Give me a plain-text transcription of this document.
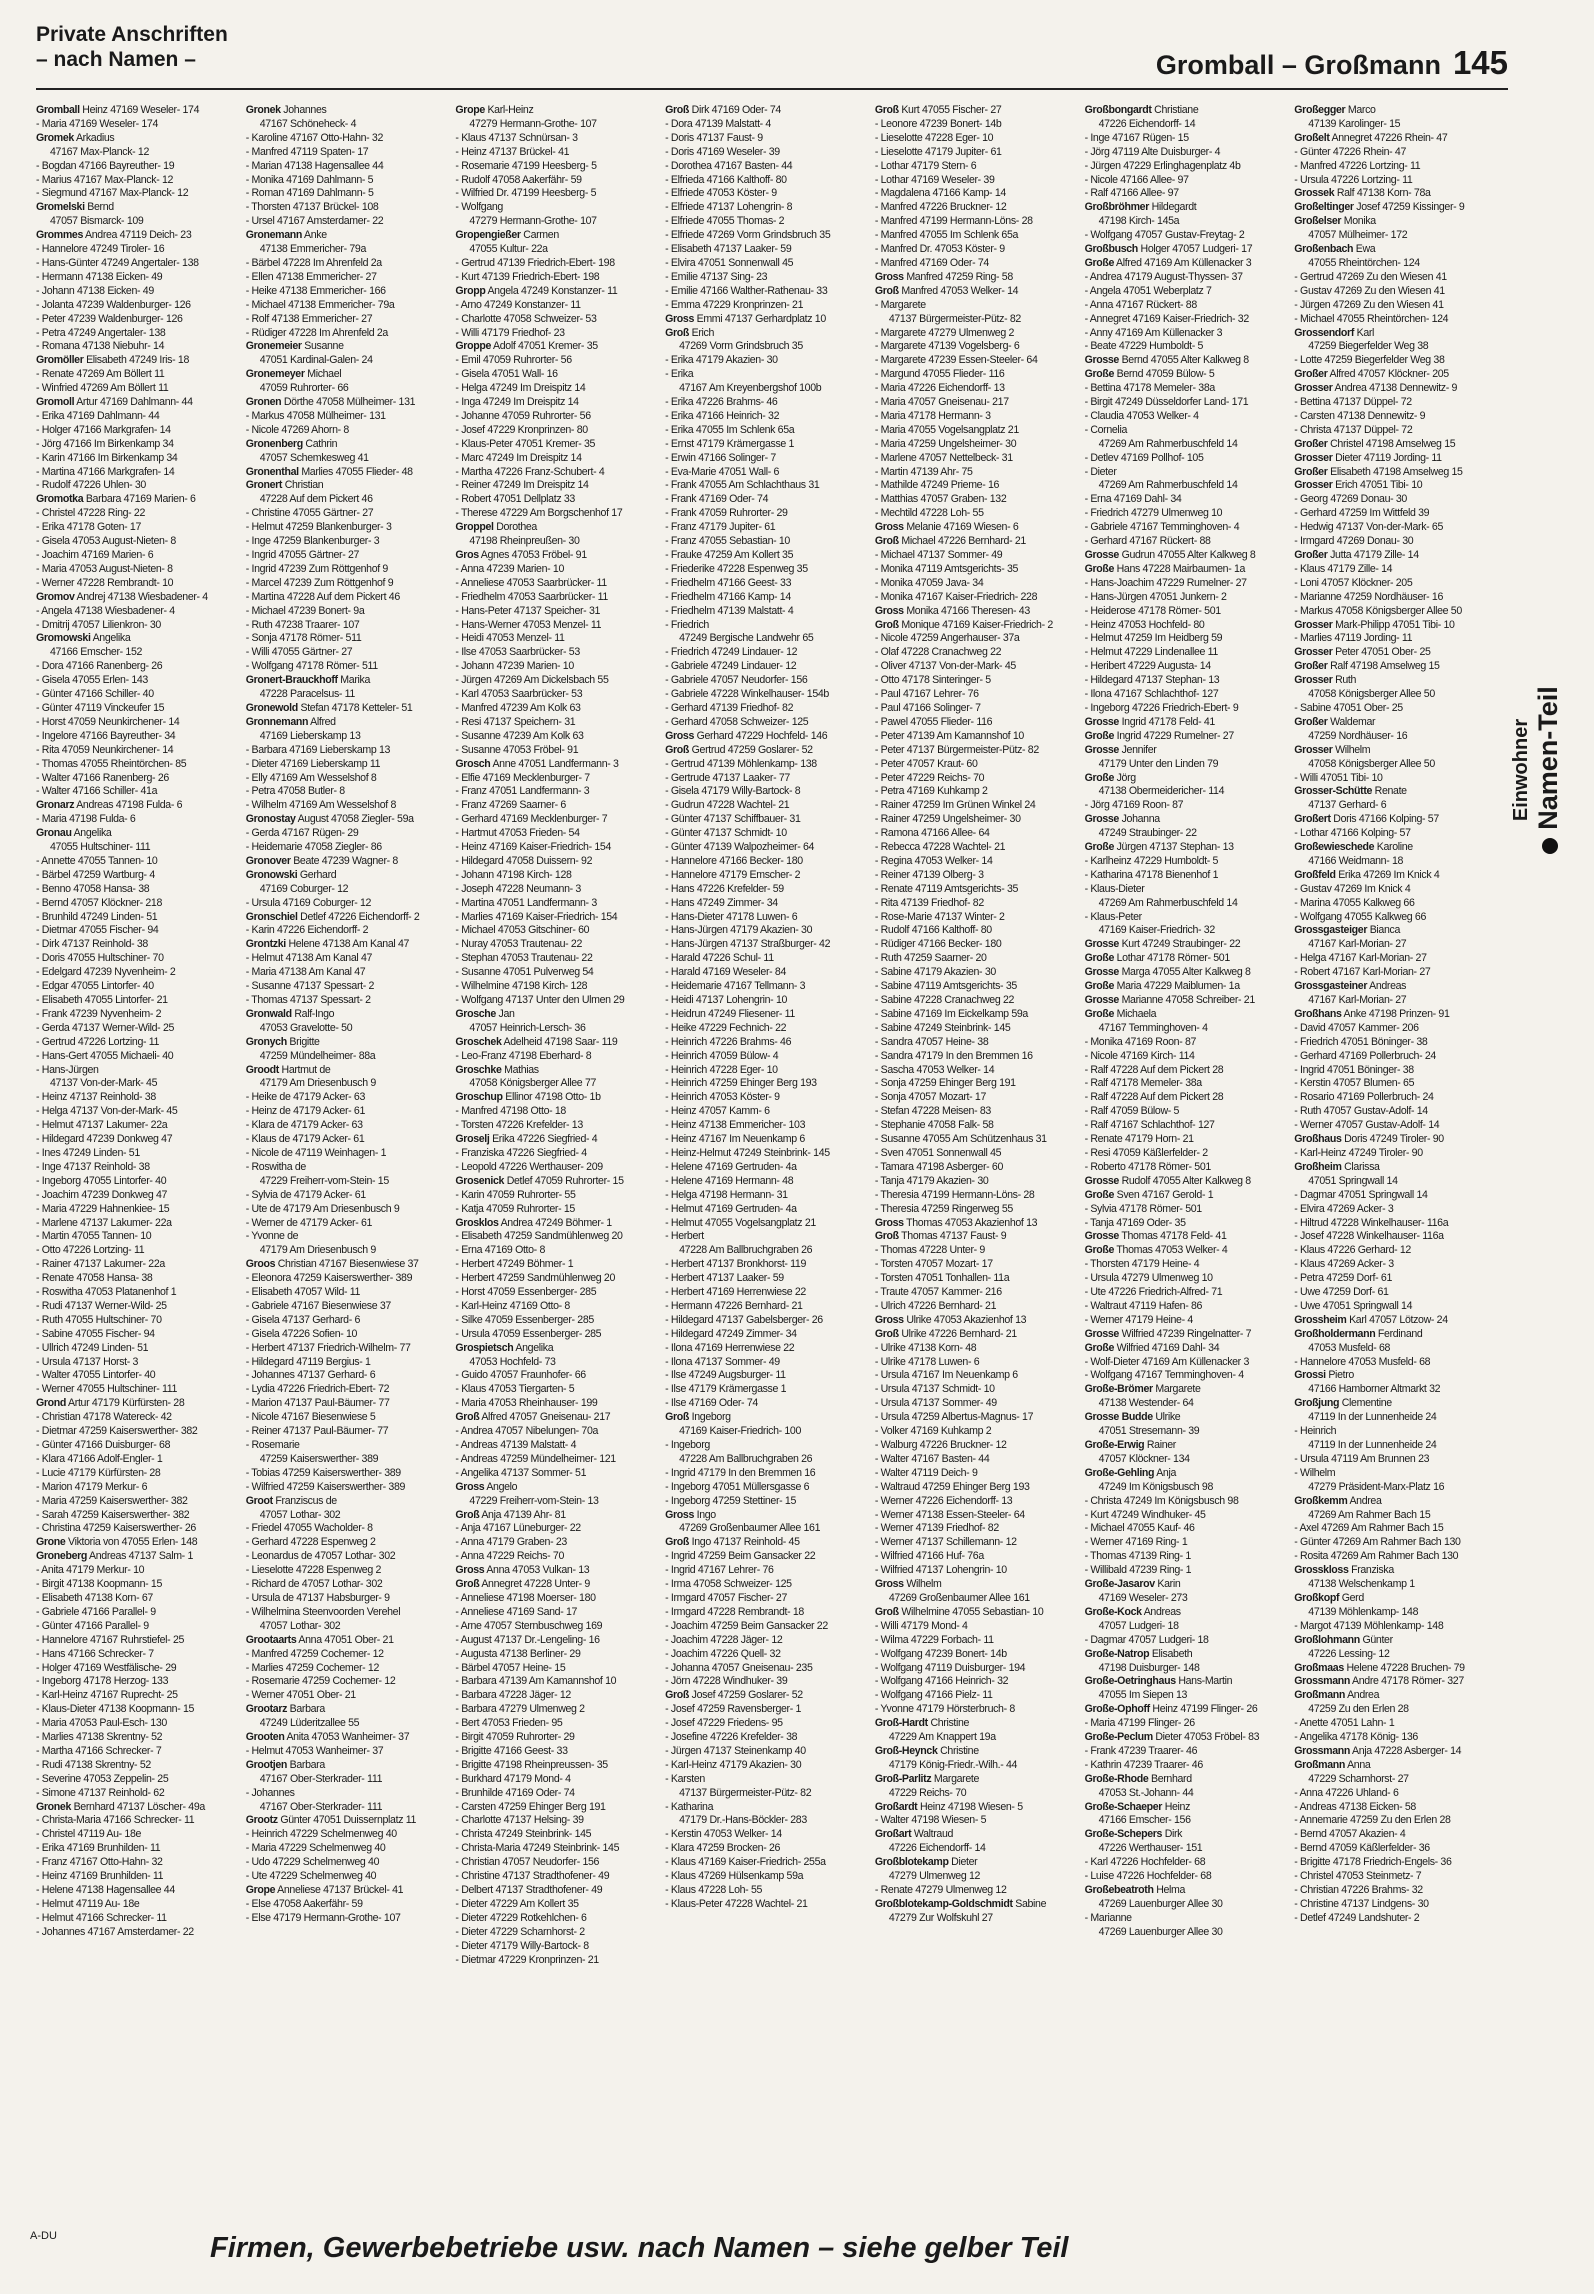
Private Anschriften
– nach Namen –	Gromball – Großmann 145
Gromball Heinz 47169 Weseler- 174
- Maria 47169 Weseler- 174
Gromek Arkadius
47167 Max-Planck- 12
- Bogdan 47166 Bayreuther- 19
- Marius 47167 Max-Planck- 12
- Siegmund 47167 Max-Planck- 12
Gromelski Bernd
47057 Bismarck- 109
Grommes Andrea 47119 Deich- 23
- Hannelore 47249 Tiroler- 16
- Hans-Günter 47249 Angertaler- 138
- Hermann 47138 Eicken- 49
- Johann 47138 Eicken- 49
- Jolanta 47239 Waldenburger- 126
- Peter 47239 Waldenburger- 126
- Petra 47249 Angertaler- 138
- Romana 47138 Niebuhr- 14
Gromöller Elisabeth 47249 Iris- 18
- Renate 47269 Am Böllert 11
- Winfried 47269 Am Böllert 11
Gromoll Artur 47169 Dahlmann- 44
- Erika 47169 Dahlmann- 44
- Holger 47166 Markgrafen- 14
- Jörg 47166 Im Birkenkamp 34
- Karin 47166 Im Birkenkamp 34
- Martina 47166 Markgrafen- 14
- Rudolf 47226 Uhlen- 30
Gromotka Barbara 47169 Marien- 6
- Christel 47228 Ring- 22
- Erika 47178 Goten- 17
- Gisela 47053 August-Nieten- 8
- Joachim 47169 Marien- 6
- Maria 47053 August-Nieten- 8
- Werner 47228 Rembrandt- 10
Gromov Andrej 47138 Wiesbadener- 4
- Angela 47138 Wiesbadener- 4
- Dmitrij 47057 Lilienkron- 30
Gromowski Angelika
47166 Emscher- 152
- Dora 47166 Ranenberg- 26
- Gisela 47055 Erlen- 143
- Günter 47166 Schiller- 40
- Günter 47119 Vinckeufer 15
- Horst 47059 Neunkirchener- 14
- Ingelore 47166 Bayreuther- 34
- Rita 47059 Neunkirchener- 14
- Thomas 47055 Rheintörchen- 85
- Walter 47166 Ranenberg- 26
- Walter 47166 Schiller- 41a
Gronarz Andreas 47198 Fulda- 6
- Maria 47198 Fulda- 6
Gronau Angelika
47055 Hultschiner- 111
- Annette 47055 Tannen- 10
- Bärbel 47259 Wartburg- 4
- Benno 47058 Hansa- 38
- Bernd 47057 Klöckner- 218
- Brunhild 47249 Linden- 51
- Dietmar 47055 Fischer- 94
- Dirk 47137 Reinhold- 38
- Doris 47055 Hultschiner- 70
- Edelgard 47239 Nyvenheim- 2
- Edgar 47055 Lintorfer- 40
- Elisabeth 47055 Lintorfer- 21
- Frank 47239 Nyvenheim- 2
- Gerda 47137 Werner-Wild- 25
- Gertrud 47226 Lortzing- 11
- Hans-Gert 47055 Michaeli- 40
- Hans-Jürgen
47137 Von-der-Mark- 45
- Heinz 47137 Reinhold- 38
- Helga 47137 Von-der-Mark- 45
- Helmut 47137 Lakumer- 22a
- Hildegard 47239 Donkweg 47
- Ines 47249 Linden- 51
- Inge 47137 Reinhold- 38
- Ingeborg 47055 Lintorfer- 40
- Joachim 47239 Donkweg 47
- Maria 47229 Hahnenkiee- 15
- Marlene 47137 Lakumer- 22a
- Martin 47055 Tannen- 10
- Otto 47226 Lortzing- 11
- Rainer 47137 Lakumer- 22a
- Renate 47058 Hansa- 38
- Roswitha 47053 Platanenhof 1
- Rudi 47137 Werner-Wild- 25
- Ruth 47055 Hultschiner- 70
- Sabine 47055 Fischer- 94
- Ullrich 47249 Linden- 51
- Ursula 47137 Horst- 3
- Walter 47055 Lintorfer- 40
- Werner 47055 Hultschiner- 111
Grond Artur 47179 Kürfürsten- 28
- Christian 47178 Watereck- 42
- Dietmar 47259 Kaiserswerther- 382
- Günter 47166 Duisburger- 68
- Klara 47166 Adolf-Engler- 1
- Lucie 47179 Kürfürsten- 28
- Marion 47179 Merkur- 6
- Maria 47259 Kaiserswerther- 382
- Sarah 47259 Kaiserswerther- 382
- Christina 47259 Kaiserswerther- 26
Grone Viktoria von 47055 Erlen- 148
Groneberg Andreas 47137 Salm- 1
- Anita 47179 Merkur- 10
- Birgit 47138 Koopmann- 15
- Elisabeth 47138 Korn- 67
- Gabriele 47166 Parallel- 9
- Günter 47166 Parallel- 9
- Hannelore 47167 Ruhrstiefel- 25
- Hans 47166 Schrecker- 7
- Holger 47169 Westfälische- 29
- Ingeborg 47178 Herzog- 133
- Karl-Heinz 47167 Ruprecht- 25
- Klaus-Dieter 47138 Koopmann- 15
- Maria 47053 Paul-Esch- 130
- Marlies 47138 Skrentny- 52
- Martha 47166 Schrecker- 7
- Rudi 47138 Skrentny- 52
- Severine 47053 Zeppelin- 25
- Simone 47137 Reinhold- 62
Gronek Bernhard 47137 Löscher- 49a
- Christa-Maria 47166 Schrecker- 11
- Christel 47119 Au- 18e
- Erika 47169 Brunhilden- 11
- Franz 47167 Otto-Hahn- 32
- Heinz 47169 Brunhilden- 11
- Helene 47138 Hagensallee 44
- Helmut 47119 Au- 18e
- Helmut 47166 Schrecker- 11
- Johannes 47167 Amsterdamer- 22
Gronek Johannes
47167 Schöneheck- 4
- Karoline 47167 Otto-Hahn- 32
- Manfred 47119 Spaten- 17
- Marian 47138 Hagensallee 44
- Monika 47169 Dahlmann- 5
- Roman 47169 Dahlmann- 5
- Thorsten 47137 Brückel- 108
- Ursel 47167 Amsterdamer- 22
Gronemann Anke
47138 Emmericher- 79a
- Bärbel 47228 Im Ahrenfeld 2a
- Ellen 47138 Emmericher- 27
- Heike 47138 Emmericher- 166
- Michael 47138 Emmericher- 79a
- Rolf 47138 Emmericher- 27
- Rüdiger 47228 Im Ahrenfeld 2a
Gronemeier Susanne
47051 Kardinal-Galen- 24
Gronemeyer Michael
47059 Ruhrorter- 66
Gronen Dörthe 47058 Mülheimer- 131
- Markus 47058 Mülheimer- 131
- Nicole 47269 Ahorn- 8
Gronenberg Cathrin
47057 Schemkesweg 41
Gronenthal Marlies 47055 Flieder- 48
Gronert Christian
47228 Auf dem Pickert 46
- Christine 47055 Gärtner- 27
- Helmut 47259 Blankenburger- 3
- Inge 47259 Blankenburger- 3
- Ingrid 47055 Gärtner- 27
- Ingrid 47239 Zum Röttgenhof 9
- Marcel 47239 Zum Röttgenhof 9
- Martina 47228 Auf dem Pickert 46
- Michael 47239 Bonert- 9a
- Ruth 47238 Traarer- 107
- Sonja 47178 Römer- 511
- Willi 47055 Gärtner- 27
- Wolfgang 47178 Römer- 511
Gronert-Brauckhoff Marika
47228 Paracelsus- 11
Gronewold Stefan 47178 Ketteler- 51
Gronnemann Alfred
47169 Lieberskamp 13
- Barbara 47169 Lieberskamp 13
- Dieter 47169 Lieberskamp 11
- Elly 47169 Am Wesselshof 8
- Petra 47058 Butler- 8
- Wilhelm 47169 Am Wesselshof 8
Gronostay August 47058 Ziegler- 59a
- Gerda 47167 Rügen- 29
- Heidemarie 47058 Ziegler- 86
Gronover Beate 47239 Wagner- 8
Gronowski Gerhard
47169 Coburger- 12
- Ursula 47169 Coburger- 12
Gronschiel Detlef 47226 Eichendorff- 2
- Karin 47226 Eichendorff- 2
Grontzki Helene 47138 Am Kanal 47
- Helmut 47138 Am Kanal 47
- Maria 47138 Am Kanal 47
- Susanne 47137 Spessart- 2
- Thomas 47137 Spessart- 2
Gronwald Ralf-Ingo
47053 Gravelotte- 50
Gronych Brigitte
47259 Mündelheimer- 88a
Groodt Hartmut de
47179 Am Driesenbusch 9
- Heike de 47179 Acker- 63
- Heinz de 47179 Acker- 61
- Klara de 47179 Acker- 63
- Klaus de 47179 Acker- 61
- Nicole de 47119 Weinhagen- 1
- Roswitha de
47229 Freiherr-vom-Stein- 15
- Sylvia de 47179 Acker- 61
- Ute de 47179 Am Driesenbusch 9
- Werner de 47179 Acker- 61
- Yvonne de
47179 Am Driesenbusch 9
Groos Christian 47167 Biesenwiese 37
- Eleonora 47259 Kaiserswerther- 389
- Elisabeth 47057 Wild- 11
- Gabriele 47167 Biesenwiese 37
- Gisela 47137 Gerhard- 6
- Gisela 47226 Sofien- 10
- Herbert 47137 Friedrich-Wilhelm- 77
- Hildegard 47119 Bergius- 1
- Johannes 47137 Gerhard- 6
- Lydia 47226 Friedrich-Ebert- 72
- Marion 47137 Paul-Bäumer- 77
- Nicole 47167 Biesenwiese 5
- Reiner 47137 Paul-Bäumer- 77
- Rosemarie
47259 Kaiserswerther- 389
- Tobias 47259 Kaiserswerther- 389
- Wilfried 47259 Kaiserswerther- 389
Groot Franziscus de
47057 Lothar- 302
- Friedel 47055 Wacholder- 8
- Gerhard 47228 Espenweg 2
- Leonardus de 47057 Lothar- 302
- Lieselotte 47228 Espenweg 2
- Richard de 47057 Lothar- 302
- Ursula de 47137 Habsburger- 9
- Wilhelmina Steenvoorden Verehel
47057 Lothar- 302
Grootaarts Anna 47051 Ober- 21
- Manfred 47259 Cochemer- 12
- Marlies 47259 Cochemer- 12
- Rosemarie 47259 Cochemer- 12
- Werner 47051 Ober- 21
Grootarz Barbara
47249 Lüderitzallee 55
Grooten Anita 47053 Wanheimer- 37
- Helmut 47053 Wanheimer- 37
Grootjen Barbara
47167 Ober-Sterkrader- 111
- Johannes
47167 Ober-Sterkrader- 111
Grootz Günter 47051 Duissernplatz 11
- Heinrich 47229 Schelmenweg 40
- Maria 47229 Schelmenweg 40
- Udo 47229 Schelmenweg 40
- Ute 47229 Schelmenweg 40
Grope Anneliese 47137 Brückel- 41
- Else 47058 Aakerfähr- 59
- Else 47179 Hermann-Grothe- 107
Grope Karl-Heinz
47279 Hermann-Grothe- 107
- Klaus 47137 Schnürsan- 3
- Heinz 47137 Brückel- 41
- Rosemarie 47199 Heesberg- 5
- Rudolf 47058 Aakerfähr- 59
- Wilfried Dr. 47199 Heesberg- 5
- Wolfgang
47279 Hermann-Grothe- 107
Gropengießer Carmen
47055 Kultur- 22a
- Gertrud 47139 Friedrich-Ebert- 198
- Kurt 47139 Friedrich-Ebert- 198
Gropp Angela 47249 Konstanzer- 11
- Arno 47249 Konstanzer- 11
- Charlotte 47058 Schweizer- 53
- Willi 47179 Friedhof- 23
Groppe Adolf 47051 Kremer- 35
- Emil 47059 Ruhrorter- 56
- Gisela 47051 Wall- 16
- Helga 47249 Im Dreispitz 14
- Inga 47249 Im Dreispitz 14
- Johanne 47059 Ruhrorter- 56
- Josef 47229 Kronprinzen- 80
- Klaus-Peter 47051 Kremer- 35
- Marc 47249 Im Dreispitz 14
- Martha 47226 Franz-Schubert- 4
- Reiner 47249 Im Dreispitz 14
- Robert 47051 Dellplatz 33
- Therese 47229 Am Borgschenhof 17
Groppel Dorothea
47198 Rheinpreußen- 30
Gros Agnes 47053 Fröbel- 91
- Anna 47239 Marien- 10
- Anneliese 47053 Saarbrücker- 11
- Friedhelm 47053 Saarbrücker- 11
- Hans-Peter 47137 Speicher- 31
- Hans-Werner 47053 Menzel- 11
- Heidi 47053 Menzel- 11
- Ilse 47053 Saarbrücker- 53
- Johann 47239 Marien- 10
- Jürgen 47269 Am Dickelsbach 55
- Karl 47053 Saarbrücker- 53
- Manfred 47239 Am Kolk 63
- Resi 47137 Speichern- 31
- Susanne 47239 Am Kolk 63
- Susanne 47053 Fröbel- 91
Grosch Anne 47051 Landfermann- 3
- Elfie 47169 Mecklenburger- 7
- Franz 47051 Landfermann- 3
- Franz 47269 Saarner- 6
- Gerhard 47169 Mecklenburger- 7
- Hartmut 47053 Frieden- 54
- Heinz 47169 Kaiser-Friedrich- 154
- Hildegard 47058 Duissern- 92
- Johann 47198 Kirch- 128
- Joseph 47228 Neumann- 3
- Martina 47051 Landfermann- 3
- Marlies 47169 Kaiser-Friedrich- 154
- Michael 47053 Gitschiner- 60
- Nuray 47053 Trautenau- 22
- Stephan 47053 Trautenau- 22
- Susanne 47051 Pulverweg 54
- Wilhelmine 47198 Kirch- 128
- Wolfgang 47137 Unter den Ulmen 29
Grosche Jan
47057 Heinrich-Lersch- 36
Groschek Adelheid 47198 Saar- 119
- Leo-Franz 47198 Eberhard- 8
Groschke Mathias
47058 Königsberger Allee 77
Groschup Ellinor 47198 Otto- 1b
- Manfred 47198 Otto- 18
- Torsten 47226 Krefelder- 13
Groselj Erika 47226 Siegfried- 4
- Franziska 47226 Siegfried- 4
- Leopold 47226 Werthauser- 209
Grosenick Detlef 47059 Ruhrorter- 15
- Karin 47059 Ruhrorter- 55
- Katja 47059 Ruhrorter- 15
Grosklos Andrea 47249 Böhmer- 1
- Elisabeth 47259 Sandmühlenweg 20
- Erna 47169 Otto- 8
- Herbert 47249 Böhmer- 1
- Herbert 47259 Sandmühlenweg 20
- Horst 47059 Essenberger- 285
- Karl-Heinz 47169 Otto- 8
- Silke 47059 Essenberger- 285
- Ursula 47059 Essenberger- 285
Grospietsch Angelika
47053 Hochfeld- 73
- Guido 47057 Fraunhofer- 66
- Klaus 47053 Tiergarten- 5
- Maria 47053 Rheinhauser- 199
Groß Alfred 47057 Gneisenau- 217
- Andrea 47057 Nibelungen- 70a
- Andreas 47139 Malstatt- 4
- Andreas 47259 Mündelheimer- 121
- Angelika 47137 Sommer- 51
Gross Angelo
47229 Freiherr-vom-Stein- 13
Groß Anja 47139 Ahr- 81
- Anja 47167 Lüneburger- 22
- Anna 47179 Graben- 23
- Anna 47229 Reichs- 70
Gross Anna 47053 Vulkan- 13
Groß Annegret 47228 Unter- 9
- Anneliese 47198 Moerser- 180
- Anneliese 47169 Sand- 17
- Arne 47057 Sternbuschweg 169
- August 47137 Dr.-Lengeling- 16
- Augusta 47138 Berliner- 29
- Bärbel 47057 Heine- 15
- Barbara 47139 Am Kamannshof 10
- Barbara 47228 Jäger- 12
- Barbara 47279 Ulmenweg 2
- Bert 47053 Frieden- 95
- Birgit 47059 Ruhrorter- 29
- Brigitte 47166 Geest- 33
- Brigitte 47198 Rheinpreussen- 35
- Burkhard 47179 Mond- 4
- Brunhilde 47169 Oder- 74
- Carsten 47259 Ehinger Berg 191
- Charlotte 47137 Helsing- 39
- Christa 47249 Steinbrink- 145
- Christa-Maria 47249 Steinbrink- 145
- Christian 47057 Neudorfer- 156
- Christine 47137 Stradthofener- 49
- Delbert 47137 Stradthofener- 49
- Dieter 47229 Am Kollert 35
- Dieter 47229 Rotkehlchen- 6
- Dieter 47229 Scharnhorst- 2
- Dieter 47179 Willy-Bartock- 8
- Dietmar 47229 Kronprinzen- 21
Groß Dirk 47169 Oder- 74
- Dora 47139 Malstatt- 4
- Doris 47137 Faust- 9
- Doris 47169 Weseler- 39
- Dorothea 47167 Basten- 44
- Elfrieda 47166 Kalthoff- 80
- Elfriede 47053 Köster- 9
- Elfriede 47137 Lohengrin- 8
- Elfriede 47055 Thomas- 2
- Elfriede 47269 Vorm Grindsbruch 35
- Elisabeth 47137 Laaker- 59
- Elvira 47051 Sonnenwall 45
- Emilie 47137 Sing- 23
- Emilie 47166 Walther-Rathenau- 33
- Emma 47229 Kronprinzen- 21
Gross Emmi 47137 Gerhardplatz 10
Groß Erich
47269 Vorm Grindsbruch 35
- Erika 47179 Akazien- 30
- Erika
47167 Am Kreyenbergshof 100b
- Erika 47226 Brahms- 46
- Erika 47166 Heinrich- 32
- Erika 47055 Im Schlenk 65a
- Ernst 47179 Krämergasse 1
- Erwin 47166 Solinger- 7
- Eva-Marie 47051 Wall- 6
- Frank 47055 Am Schlachthaus 31
- Frank 47169 Oder- 74
- Frank 47059 Ruhrorter- 29
- Franz 47179 Jupiter- 61
- Franz 47055 Sebastian- 10
- Frauke 47259 Am Kollert 35
- Friederike 47228 Espenweg 35
- Friedhelm 47166 Geest- 33
- Friedhelm 47166 Kamp- 14
- Friedhelm 47139 Malstatt- 4
- Friedrich
47249 Bergische Landwehr 65
- Friedrich 47249 Lindauer- 12
- Gabriele 47249 Lindauer- 12
- Gabriele 47057 Neudorfer- 156
- Gabriele 47228 Winkelhauser- 154b
- Gerhard 47139 Friedhof- 82
- Gerhard 47058 Schweizer- 125
Gross Gerhard 47229 Hochfeld- 146
Groß Gertrud 47259 Goslarer- 52
- Gertrud 47139 Möhlenkamp- 138
- Gertrude 47137 Laaker- 77
- Gisela 47179 Willy-Bartock- 8
- Gudrun 47228 Wachtel- 21
- Günter 47137 Schiffbauer- 31
- Günter 47137 Schmidt- 10
- Günter 47139 Walpozheimer- 64
- Hannelore 47166 Becker- 180
- Hannelore 47179 Emscher- 2
- Hans 47226 Krefelder- 59
- Hans 47249 Zimmer- 34
- Hans-Dieter 47178 Luwen- 6
- Hans-Jürgen 47179 Akazien- 30
- Hans-Jürgen 47137 Straßburger- 42
- Harald 47226 Schul- 11
- Harald 47169 Weseler- 84
- Heidemarie 47167 Tellmann- 3
- Heidi 47137 Lohengrin- 10
- Heidrun 47249 Fliesener- 11
- Heike 47229 Fechnich- 22
- Heinrich 47226 Brahms- 46
- Heinrich 47059 Bülow- 4
- Heinrich 47228 Eger- 10
- Heinrich 47259 Ehinger Berg 193
- Heinrich 47053 Köster- 9
- Heinz 47057 Kamm- 6
- Heinz 47138 Emmericher- 103
- Heinz 47167 Im Neuenkamp 6
- Heinz-Helmut 47249 Steinbrink- 145
- Helene 47169 Gertruden- 4a
- Helene 47169 Hermann- 48
- Helga 47198 Hermann- 31
- Helmut 47169 Gertruden- 4a
- Helmut 47055 Vogelsangplatz 21
- Herbert
47228 Am Ballbruchgraben 26
- Herbert 47137 Bronkhorst- 119
- Herbert 47137 Laaker- 59
- Herbert 47169 Herrenwiese 22
- Hermann 47226 Bernhard- 21
- Hildegard 47137 Gabelsberger- 26
- Hildegard 47249 Zimmer- 34
- Ilona 47169 Herrenwiese 22
- Ilona 47137 Sommer- 49
- Ilse 47249 Augsburger- 11
- Ilse 47179 Krämergasse 1
- Ilse 47169 Oder- 74
Groß Ingeborg
47169 Kaiser-Friedrich- 100
- Ingeborg
47228 Am Ballbruchgraben 26
- Ingrid 47179 In den Bremmen 16
- Ingeborg 47051 Müllersgasse 6
- Ingeborg 47259 Stettiner- 15
Gross Ingo
47269 Großenbaumer Allee 161
Groß Ingo 47137 Reinhold- 45
- Ingrid 47259 Beim Gansacker 22
- Ingrid 47167 Lehrer- 76
- Irma 47058 Schweizer- 125
- Irmgard 47057 Fischer- 27
- Irmgard 47228 Rembrandt- 18
- Joachim 47259 Beim Gansacker 22
- Joachim 47228 Jäger- 12
- Joachim 47226 Quell- 32
- Johanna 47057 Gneisenau- 235
- Jörn 47228 Windhuker- 39
Groß Josef 47259 Goslarer- 52
- Josef 47259 Ravensberger- 1
- Josef 47229 Friedens- 95
- Josefine 47226 Krefelder- 38
- Jürgen 47137 Steinenkamp 40
- Karl-Heinz 47179 Akazien- 30
- Karsten
47137 Bürgermeister-Pütz- 82
- Katharina
47179 Dr.-Hans-Böckler- 283
- Kerstin 47053 Welker- 14
- Klara 47259 Brocken- 26
- Klaus 47169 Kaiser-Friedrich- 255a
- Klaus 47269 Hülsenkamp 59a
- Klaus 47228 Loh- 55
- Klaus-Peter 47228 Wachtel- 21
Groß Kurt 47055 Fischer- 27
- Leonore 47239 Bonert- 14b
- Lieselotte 47228 Eger- 10
- Lieselotte 47179 Jupiter- 61
- Lothar 47179 Stern- 6
- Lothar 47169 Weseler- 39
- Magdalena 47166 Kamp- 14
- Manfred 47226 Bruckner- 12
- Manfred 47199 Hermann-Löns- 28
- Manfred 47055 Im Schlenk 65a
- Manfred Dr. 47053 Köster- 9
- Manfred 47169 Oder- 74
Gross Manfred 47259 Ring- 58
Groß Manfred 47053 Welker- 14
- Margarete
47137 Bürgermeister-Pütz- 82
- Margarete 47279 Ulmenweg 2
- Margarete 47139 Vogelsberg- 6
- Margarete 47239 Essen-Steeler- 64
- Margund 47055 Flieder- 116
- Maria 47226 Eichendorff- 13
- Maria 47057 Gneisenau- 217
- Maria 47178 Hermann- 3
- Maria 47055 Vogelsangplatz 21
- Maria 47259 Ungelsheimer- 30
- Marlene 47057 Nettelbeck- 31
- Martin 47139 Ahr- 75
- Mathilde 47249 Prieme- 16
- Matthias 47057 Graben- 132
- Mechtild 47228 Loh- 55
Gross Melanie 47169 Wiesen- 6
Groß Michael 47226 Bernhard- 21
- Michael 47137 Sommer- 49
- Monika 47119 Amtsgerichts- 35
- Monika 47059 Java- 34
- Monika 47167 Kaiser-Friedrich- 228
Gross Monika 47166 Theresen- 43
Groß Monique 47169 Kaiser-Friedrich- 2
- Nicole 47259 Angerhauser- 37a
- Olaf 47228 Cranachweg 22
- Oliver 47137 Von-der-Mark- 45
- Otto 47178 Sinteringer- 5
- Paul 47167 Lehrer- 76
- Paul 47166 Solinger- 7
- Pawel 47055 Flieder- 116
- Peter 47139 Am Kamannshof 10
- Peter 47137 Bürgermeister-Pütz- 82
- Peter 47057 Kraut- 60
- Peter 47229 Reichs- 70
- Petra 47169 Kuhkamp 2
- Rainer 47259 Im Grünen Winkel 24
- Rainer 47259 Ungelsheimer- 30
- Ramona 47166 Allee- 64
- Rebecca 47228 Wachtel- 21
- Regina 47053 Welker- 14
- Reiner 47139 Olberg- 3
- Renate 47119 Amtsgerichts- 35
- Rita 47139 Friedhof- 82
- Rose-Marie 47137 Winter- 2
- Rudolf 47166 Kalthoff- 80
- Rüdiger 47166 Becker- 180
- Ruth 47259 Saarner- 20
- Sabine 47179 Akazien- 30
- Sabine 47119 Amtsgerichts- 35
- Sabine 47228 Cranachweg 22
- Sabine 47169 Im Eickelkamp 59a
- Sabine 47249 Steinbrink- 145
- Sandra 47057 Heine- 38
- Sandra 47179 In den Bremmen 16
- Sascha 47053 Welker- 14
- Sonja 47259 Ehinger Berg 191
- Sonja 47057 Mozart- 17
- Stefan 47228 Meisen- 83
- Stephanie 47058 Falk- 58
- Susanne 47055 Am Schützenhaus 31
- Sven 47051 Sonnenwall 45
- Tamara 47198 Asberger- 60
- Tanja 47179 Akazien- 30
- Theresia 47199 Hermann-Löns- 28
- Theresia 47259 Ringerweg 55
Gross Thomas 47053 Akazienhof 13
Groß Thomas 47137 Faust- 9
- Thomas 47228 Unter- 9
- Torsten 47057 Mozart- 17
- Torsten 47051 Tonhallen- 11a
- Traute 47057 Kammer- 216
- Ulrich 47226 Bernhard- 21
Gross Ulrike 47053 Akazienhof 13
Groß Ulrike 47226 Bernhard- 21
- Ulrike 47138 Korn- 48
- Ulrike 47178 Luwen- 6
- Ursula 47167 Im Neuenkamp 6
- Ursula 47137 Schmidt- 10
- Ursula 47137 Sommer- 49
- Ursula 47259 Albertus-Magnus- 17
- Volker 47169 Kuhkamp 2
- Walburg 47226 Bruckner- 12
- Walter 47167 Basten- 44
- Walter 47119 Deich- 9
- Waltraud 47259 Ehinger Berg 193
- Werner 47226 Eichendorff- 13
- Werner 47138 Essen-Steeler- 64
- Werner 47139 Friedhof- 82
- Werner 47137 Schillemann- 12
- Wilfried 47166 Huf- 76a
- Wilfried 47137 Lohengrin- 10
Gross Wilhelm
47269 Großenbaumer Allee 161
Groß Wilhelmine 47055 Sebastian- 10
- Willi 47179 Mond- 4
- Wilma 47229 Forbach- 11
- Wolfgang 47239 Bonert- 14b
- Wolfgang 47119 Duisburger- 194
- Wolfgang 47166 Heinrich- 32
- Wolfgang 47166 Pielz- 11
- Yvonne 47179 Hörsterbruch- 8
Groß-Hardt Christine
47229 Am Knappert 19a
Groß-Heynck Christine
47179 König-Friedr.-Wilh.- 44
Groß-Parlitz Margarete
47229 Reichs- 70
Großardt Heinz 47198 Wiesen- 5
- Walter 47198 Wiesen- 5
Großart Waltraud
47226 Eichendorff- 14
Großblotekamp Dieter
47279 Ulmenweg 12
- Renate 47279 Ulmenweg 12
Großblotekamp-Goldschmidt Sabine
47279 Zur Wolfskuhl 27
Großbongardt Christiane
47226 Eichendorff- 14
- Inge 47167 Rügen- 15
- Jörg 47119 Alte Duisburger- 4
- Jürgen 47229 Erlinghagenplatz 4b
- Nicole 47166 Allee- 97
- Ralf 47166 Allee- 97
Großbröhmer Hildegardt
47198 Kirch- 145a
- Wolfgang 47057 Gustav-Freytag- 2
Großbusch Holger 47057 Ludgeri- 17
Große Alfred 47169 Am Küllenacker 3
- Andrea 47179 August-Thyssen- 37
- Angela 47051 Weberplatz 7
- Anna 47167 Rückert- 88
- Annegret 47169 Kaiser-Friedrich- 32
- Anny 47169 Am Küllenacker 3
- Beate 47229 Humboldt- 5
Grosse Bernd 47055 Alter Kalkweg 8
Große Bernd 47059 Bülow- 5
- Bettina 47178 Memeler- 38a
- Birgit 47249 Düsseldorfer Land- 171
- Claudia 47053 Welker- 4
- Cornelia
47269 Am Rahmerbuschfeld 14
- Detlev 47169 Pollhof- 105
- Dieter
47269 Am Rahmerbuschfeld 14
- Erna 47169 Dahl- 34
- Friedrich 47279 Ulmenweg 10
- Gabriele 47167 Temminghoven- 4
- Gerhard 47167 Rückert- 88
Grosse Gudrun 47055 Alter Kalkweg 8
Große Hans 47228 Mairbaumen- 1a
- Hans-Joachim 47229 Rumelner- 27
- Hans-Jürgen 47051 Junkern- 2
- Heiderose 47178 Römer- 501
- Heinz 47053 Hochfeld- 80
- Helmut 47259 Im Heidberg 59
- Helmut 47229 Lindenallee 11
- Heribert 47229 Augusta- 14
- Hildegard 47137 Stephan- 13
- Ilona 47167 Schlachthof- 127
- Ingeborg 47226 Friedrich-Ebert- 9
Grosse Ingrid 47178 Feld- 41
Große Ingrid 47229 Rumelner- 27
Grosse Jennifer
47179 Unter den Linden 79
Große Jörg
47138 Obermeidericher- 114
- Jörg 47169 Roon- 87
Grosse Johanna
47249 Straubinger- 22
Große Jürgen 47137 Stephan- 13
- Karlheinz 47229 Humboldt- 5
- Katharina 47178 Bienenhof 1
- Klaus-Dieter
47269 Am Rahmerbuschfeld 14
- Klaus-Peter
47169 Kaiser-Friedrich- 32
Grosse Kurt 47249 Straubinger- 22
Große Lothar 47178 Römer- 501
Grosse Marga 47055 Alter Kalkweg 8
Große Maria 47229 Maiblumen- 1a
Grosse Marianne 47058 Schreiber- 21
Große Michaela
47167 Temminghoven- 4
- Monika 47169 Roon- 87
- Nicole 47169 Kirch- 114
- Ralf 47228 Auf dem Pickert 28
- Ralf 47178 Memeler- 38a
- Ralf 47228 Auf dem Pickert 28
- Ralf 47059 Bülow- 5
- Ralf 47167 Schlachthof- 127
- Renate 47179 Horn- 21
- Resi 47059 Käßlerfelder- 2
- Roberto 47178 Römer- 501
Grosse Rudolf 47055 Alter Kalkweg 8
Große Sven 47167 Gerold- 1
- Sylvia 47178 Römer- 501
- Tanja 47169 Oder- 35
Grosse Thomas 47178 Feld- 41
Große Thomas 47053 Welker- 4
- Thorsten 47179 Heine- 4
- Ursula 47279 Ulmenweg 10
- Ute 47226 Friedrich-Alfred- 71
- Waltraut 47119 Hafen- 86
- Werner 47179 Heine- 4
Grosse Wilfried 47239 Ringelnatter- 7
Große Wilfried 47169 Dahl- 34
- Wolf-Dieter 47169 Am Küllenacker 3
- Wolfgang 47167 Temminghoven- 4
Große-Brömer Margarete
47138 Westender- 64
Grosse Budde Ulrike
47051 Stresemann- 39
Große-Erwig Rainer
47057 Klöckner- 134
Große-Gehling Anja
47249 Im Königsbusch 98
- Christa 47249 Im Königsbusch 98
- Kurt 47249 Windhuker- 45
- Michael 47055 Kauf- 46
- Werner 47169 Ring- 1
- Thomas 47139 Ring- 1
- Willibald 47239 Ring- 1
Große-Jasarov Karin
47169 Weseler- 273
Große-Kock Andreas
47057 Ludgeri- 18
- Dagmar 47057 Ludgeri- 18
Große-Natrop Elisabeth
47198 Duisburger- 148
Große-Oetringhaus Hans-Martin
47055 Im Siepen 13
Große-Ophoff Heinz 47199 Flinger- 26
- Maria 47199 Flinger- 26
Große-Peclum Dieter 47053 Fröbel- 83
- Frank 47239 Traarer- 46
- Kathrin 47239 Traarer- 46
Große-Rhode Bernhard
47053 St.-Johann- 44
Große-Schaeper Heinz
47166 Emscher- 156
Große-Schepers Dirk
47226 Werthauser- 151
- Karl 47226 Hochfelder- 68
- Luise 47226 Hochfelder- 68
Großebeatroth Helma
47269 Lauenburger Allee 30
- Marianne
47269 Lauenburger Allee 30
Großegger Marco
47139 Karolinger- 15
Großelt Annegret 47226 Rhein- 47
- Günter 47226 Rhein- 47
- Manfred 47226 Lortzing- 11
- Ursula 47226 Lortzing- 11
Grossek Ralf 47138 Korn- 78a
Großeltinger Josef 47259 Kissinger- 9
Großelser Monika
47057 Mülheimer- 172
Großenbach Ewa
47055 Rheintörchen- 124
- Gertrud 47269 Zu den Wiesen 41
- Gustav 47269 Zu den Wiesen 41
- Jürgen 47269 Zu den Wiesen 41
- Michael 47055 Rheintörchen- 124
Grossendorf Karl
47259 Biegerfelder Weg 38
- Lotte 47259 Biegerfelder Weg 38
Großer Alfred 47057 Klöckner- 205
Grosser Andrea 47138 Dennewitz- 9
- Bettina 47137 Düppel- 72
- Carsten 47138 Dennewitz- 9
- Christa 47137 Düppel- 72
Großer Christel 47198 Amselweg 15
Grosser Dieter 47119 Jording- 11
Großer Elisabeth 47198 Amselweg 15
Grosser Erich 47051 Tibi- 10
- Georg 47269 Donau- 30
- Gerhard 47259 Im Wittfeld 39
- Hedwig 47137 Von-der-Mark- 65
- Irmgard 47269 Donau- 30
Großer Jutta 47179 Zille- 14
- Klaus 47179 Zille- 14
- Loni 47057 Klöckner- 205
- Marianne 47259 Nordhäuser- 16
- Markus 47058 Königsberger Allee 50
Grosser Mark-Philipp 47051 Tibi- 10
- Marlies 47119 Jording- 11
Grosser Peter 47051 Ober- 25
Großer Ralf 47198 Amselweg 15
Grosser Ruth
47058 Königsberger Allee 50
- Sabine 47051 Ober- 25
Großer Waldemar
47259 Nordhäuser- 16
Grosser Wilhelm
47058 Königsberger Allee 50
- Willi 47051 Tibi- 10
Grosser-Schütte Renate
47137 Gerhard- 6
Großert Doris 47166 Kolping- 57
- Lothar 47166 Kolping- 57
Großewieschede Karoline
47166 Weidmann- 18
Großfeld Erika 47269 Im Knick 4
- Gustav 47269 Im Knick 4
- Marina 47055 Kalkweg 66
- Wolfgang 47055 Kalkweg 66
Grossgasteiger Bianca
47167 Karl-Morian- 27
- Helga 47167 Karl-Morian- 27
- Robert 47167 Karl-Morian- 27
Grossgasteiner Andreas
47167 Karl-Morian- 27
Großhans Anke 47198 Prinzen- 91
- David 47057 Kammer- 206
- Friedrich 47051 Böninger- 38
- Gerhard 47169 Pollerbruch- 24
- Ingrid 47051 Böninger- 38
- Kerstin 47057 Blumen- 65
- Rosario 47169 Pollerbruch- 24
- Ruth 47057 Gustav-Adolf- 14
- Werner 47057 Gustav-Adolf- 14
Großhaus Doris 47249 Tiroler- 90
- Karl-Heinz 47249 Tiroler- 90
Großheim Clarissa
47051 Springwall 14
- Dagmar 47051 Springwall 14
- Elvira 47269 Acker- 3
- Hiltrud 47228 Winkelhauser- 116a
- Josef 47228 Winkelhauser- 116a
- Klaus 47226 Gerhard- 12
- Klaus 47269 Acker- 3
- Petra 47259 Dorf- 61
- Uwe 47259 Dorf- 61
- Uwe 47051 Springwall 14
Grossheim Karl 47057 Lötzow- 24
Großholdermann Ferdinand
47053 Musfeld- 68
- Hannelore 47053 Musfeld- 68
Grossi Pietro
47166 Hamborner Altmarkt 32
Großjung Clementine
47119 In der Lunnenheide 24
- Heinrich
47119 In der Lunnenheide 24
- Ursula 47119 Am Brunnen 23
- Wilhelm
47279 Präsident-Marx-Platz 16
Großkemm Andrea
47269 Am Rahmer Bach 15
- Axel 47269 Am Rahmer Bach 15
- Günter 47269 Am Rahmer Bach 130
- Rosita 47269 Am Rahmer Bach 130
Grosskloss Franziska
47138 Welschenkamp 1
Großkopf Gerd
47139 Möhlenkamp- 148
- Margot 47139 Möhlenkamp- 148
Großlohmann Günter
47226 Lessing- 12
Großmaas Helene 47228 Bruchen- 79
Grossmann Andre 47178 Römer- 327
Großmann Andrea
47259 Zu den Erlen 28
- Anette 47051 Lahn- 1
- Angelika 47178 König- 136
Grossmann Anja 47228 Asberger- 14
Großmann Anna
47229 Scharnhorst- 27
- Anna 47226 Uhland- 6
- Andreas 47138 Eicken- 58
- Annemarie 47259 Zu den Erlen 28
- Bernd 47057 Akazien- 4
- Bernd 47059 Käßlerfelder- 36
- Brigitte 47178 Friedrich-Engels- 36
- Christel 47053 Steinmetz- 7
- Christian 47226 Brahms- 32
- Christine 47137 Lindgens- 30
- Detlef 47249 Landshuter- 2
Einwohner Namen-Teil
A-DU	Firmen, Gewerbebetriebe usw. nach Namen – siehe gelber Teil
